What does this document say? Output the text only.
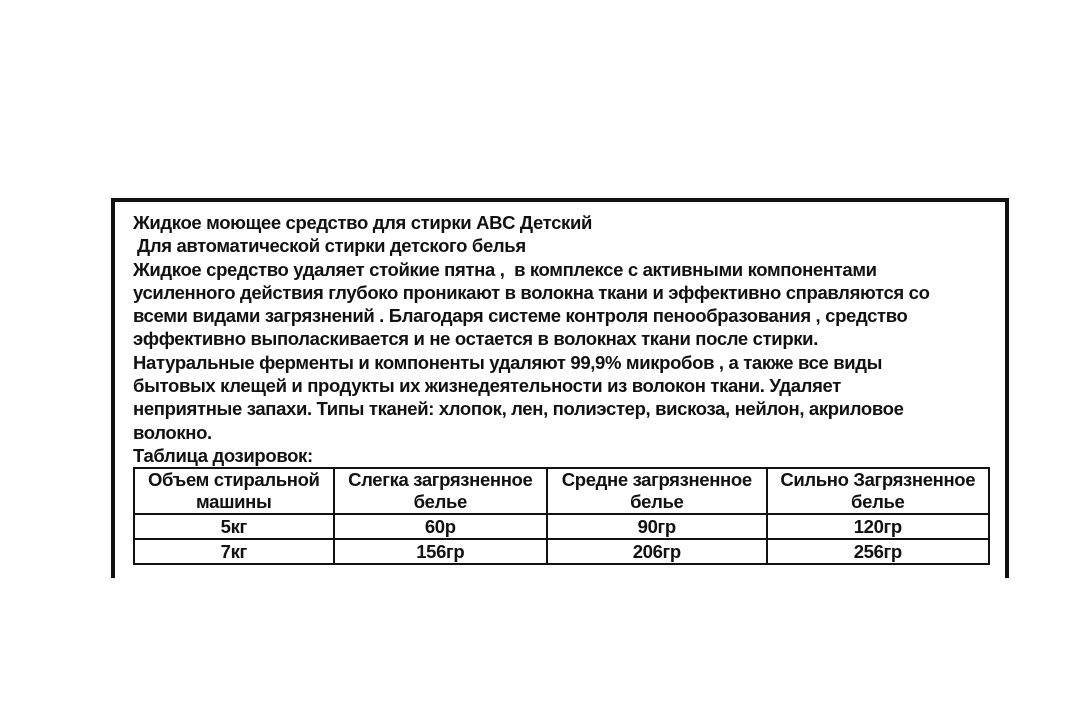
Жидкое моющее средство для стирки ABC Детский

Для автоматической стирки детского белья

Жидкое средство удаляет стойкие пятна ,  в комплексе с активными компонентами

усиленного действия глубоко проникают в волокна ткани и эффективно справляются со

всеми видами загрязнений . Благодаря системе контроля пенообразования , средство

эффективно выполаскивается и не остается в волокнах ткани после стирки.

Натуральные ферменты и компоненты удаляют 99,9% микробов , а также все виды

бытовых клещей и продукты их жизнедеятельности из волокон ткани. Удаляет

неприятные запахи. Типы тканей: хлопок, лен, полиэстер, вискоза, нейлон, акриловое

волокно.

Таблица дозировок:

Объем стиральной машины	Слегка загрязненное белье	Средне загрязненное белье	Сильно Загрязненное белье
5кг	60р	90гр	120гр
7кг	156гр	206гр	256гр
